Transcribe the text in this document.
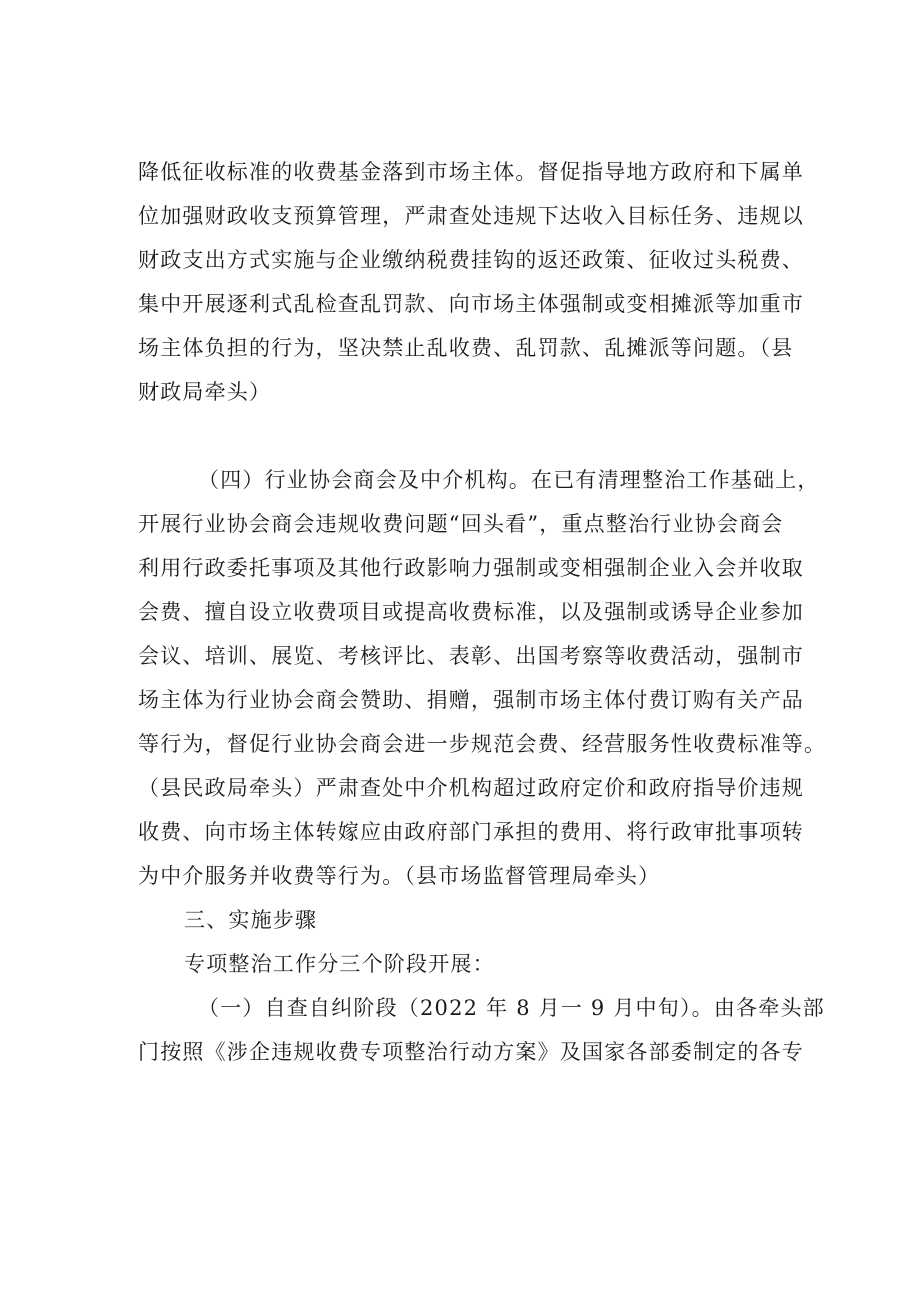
降低征收标准的收费基金落到市场主体。督促指导地方政府和下属单
位加强财政收支预算管理，严肃查处违规下达收入目标任务、违规以
财政支出方式实施与企业缴纳税费挂钩的返还政策、征收过头税费、
集中开展逐利式乱检查乱罚款、向市场主体强制或变相摊派等加重市
场主体负担的行为，坚决禁止乱收费、乱罚款、乱摊派等问题。（县
财政局牵头）
（四）行业协会商会及中介机构。在已有清理整治工作基础上，
开展行业协会商会违规收费问题“回头看”，重点整治行业协会商会
利用行政委托事项及其他行政影响力强制或变相强制企业入会并收取
会费、擅自设立收费项目或提高收费标准，以及强制或诱导企业参加
会议、培训、展览、考核评比、表彰、出国考察等收费活动，强制市
场主体为行业协会商会赞助、捐赠，强制市场主体付费订购有关产品
等行为，督促行业协会商会进一步规范会费、经营服务性收费标准等。
（县民政局牵头）严肃查处中介机构超过政府定价和政府指导价违规
收费、向市场主体转嫁应由政府部门承担的费用、将行政审批事项转
为中介服务并收费等行为。（县市场监督管理局牵头）
三、实施步骤
专项整治工作分三个阶段开展：
（一）自查自纠阶段（2022 年 8 月一 9 月中旬）。由各牵头部
门按照《涉企违规收费专项整治行动方案》及国家各部委制定的各专
